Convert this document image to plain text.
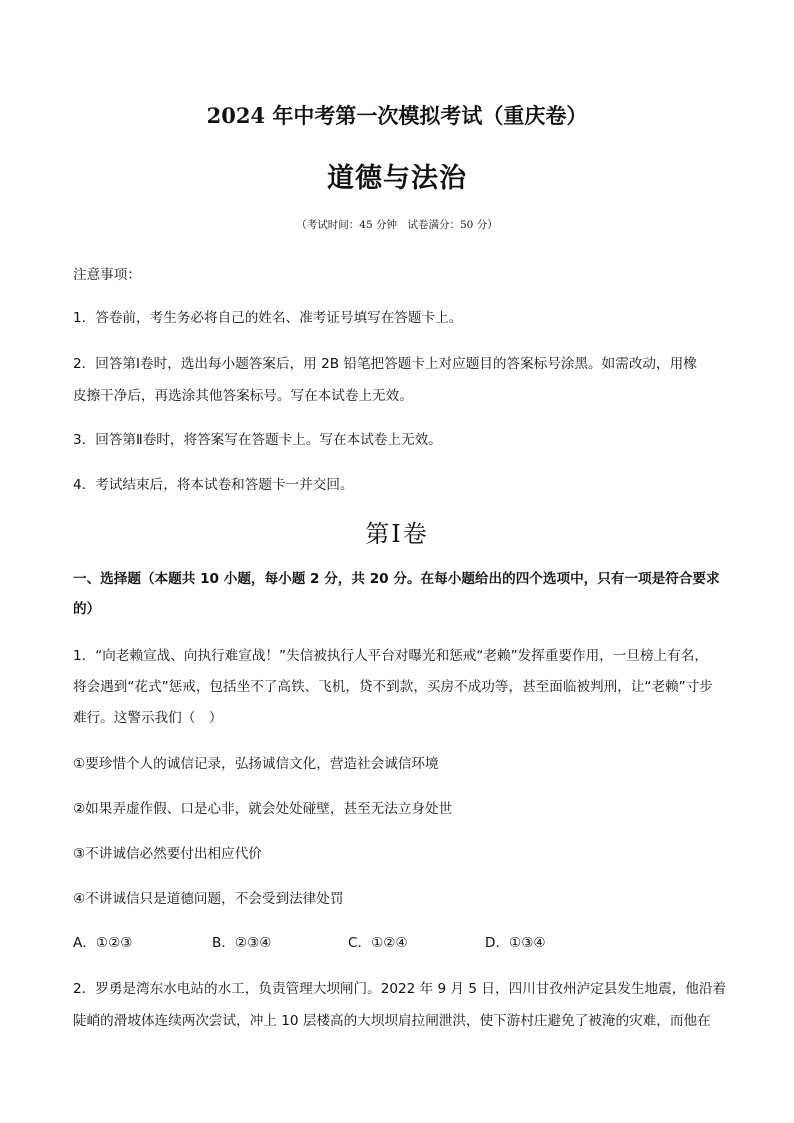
2024 年中考第一次模拟考试（重庆卷）
道德与法治
（考试时间：45 分钟　试卷满分：50 分）
注意事项：
1．答卷前，考生务必将自己的姓名、准考证号填写在答题卡上。
2．回答第Ⅰ卷时，选出每小题答案后，用 2B 铅笔把答题卡上对应题目的答案标号涂黑。如需改动，用橡
皮擦干净后，再选涂其他答案标号。写在本试卷上无效。
3．回答第Ⅱ卷时，将答案写在答题卡上。写在本试卷上无效。
4．考试结束后，将本试卷和答题卡一并交回。
第Ⅰ卷
一、选择题（本题共 10 小题，每小题 2 分，共 20 分。在每小题给出的四个选项中，只有一项是符合要求
的）
1．“向老赖宣战、向执行难宣战！”失信被执行人平台对曝光和惩戒“老赖”发挥重要作用，一旦榜上有名，
将会遇到“花式”惩戒，包括坐不了高铁、飞机，贷不到款，买房不成功等，甚至面临被判刑，让“老赖”寸步
难行。这警示我们（　）
①要珍惜个人的诚信记录，弘扬诚信文化，营造社会诚信环境
②如果弄虚作假、口是心非，就会处处碰壁，甚至无法立身处世
③不讲诚信必然要付出相应代价
④不讲诚信只是道德问题，不会受到法律处罚
A．①②③	B．②③④	C．①②④	D．①③④
2．罗勇是湾东水电站的水工，负责管理大坝闸门。2022 年 9 月 5 日，四川甘孜州泸定县发生地震，他沿着
陡峭的滑坡体连续两次尝试，冲上 10 层楼高的大坝坝肩拉闸泄洪，使下游村庄避免了被淹的灾难，而他在
